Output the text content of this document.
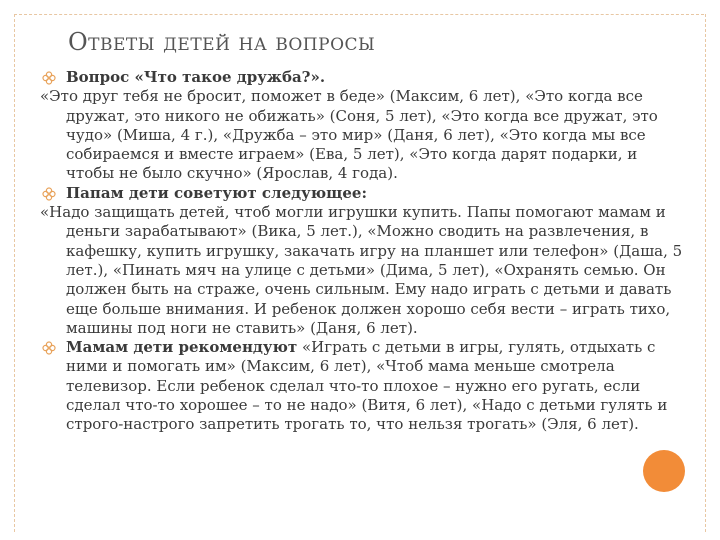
Ответы детей на вопросы
Вопрос «Что такое дружба?».
«Это друг тебя не бросит, поможет в беде» (Максим, 6 лет), «Это когда все дружат, это никого не обижать» (Соня, 5 лет), «Это когда все дружат, это чудо» (Миша, 4 г.), «Дружба – это мир» (Даня, 6 лет), «Это когда мы все собираемся и вместе играем» (Ева, 5 лет), «Это когда дарят подарки, и чтобы не было скучно» (Ярослав, 4 года).
Папам дети советуют следующее:
«Надо защищать детей, чтоб могли игрушки купить. Папы помогают мамам и деньги зарабатывают» (Вика, 5 лет.), «Можно сводить на развлечения, в кафешку, купить игрушку, закачать игру на планшет или телефон» (Даша, 5 лет.), «Пинать мяч на улице с детьми» (Дима, 5 лет), «Охранять семью. Он должен быть на страже, очень сильным. Ему надо играть с детьми и давать еще больше внимания. И ребенок должен хорошо себя вести – играть тихо, машины под ноги не ставить» (Даня, 6 лет).
Мамам дети рекомендуют «Играть с детьми в игры, гулять, отдыхать с ними и помогать им» (Максим, 6 лет), «Чтоб мама меньше смотрела телевизор. Если ребенок сделал что-то плохое – нужно его ругать, если сделал что-то хорошее – то не надо» (Витя, 6 лет), «Надо с детьми гулять и строго-настрого запретить трогать то, что нельзя трогать» (Эля, 6 лет).
